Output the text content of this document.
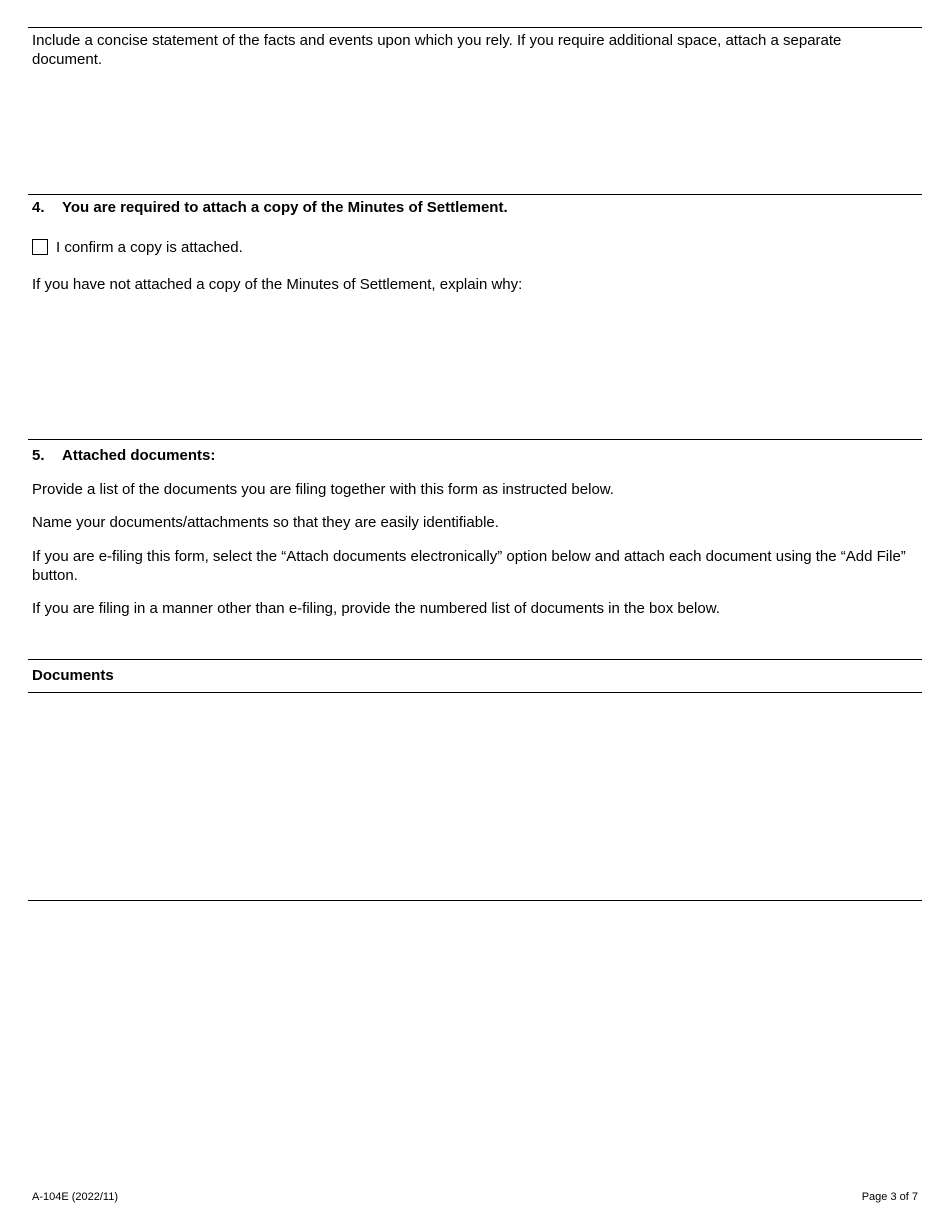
Include a concise statement of the facts and events upon which you rely. If you require additional space, attach a separate document.

4. You are required to attach a copy of the Minutes of Settlement.

I confirm a copy is attached.

If you have not attached a copy of the Minutes of Settlement, explain why:

5. Attached documents:

Provide a list of the documents you are filing together with this form as instructed below.

Name your documents/attachments so that they are easily identifiable.

If you are e-filing this form, select the “Attach documents electronically” option below and attach each document using the “Add File” button.

If you are filing in a manner other than e-filing, provide the numbered list of documents in the box below.

Documents

A-104E (2022/11)	Page 3 of 7
